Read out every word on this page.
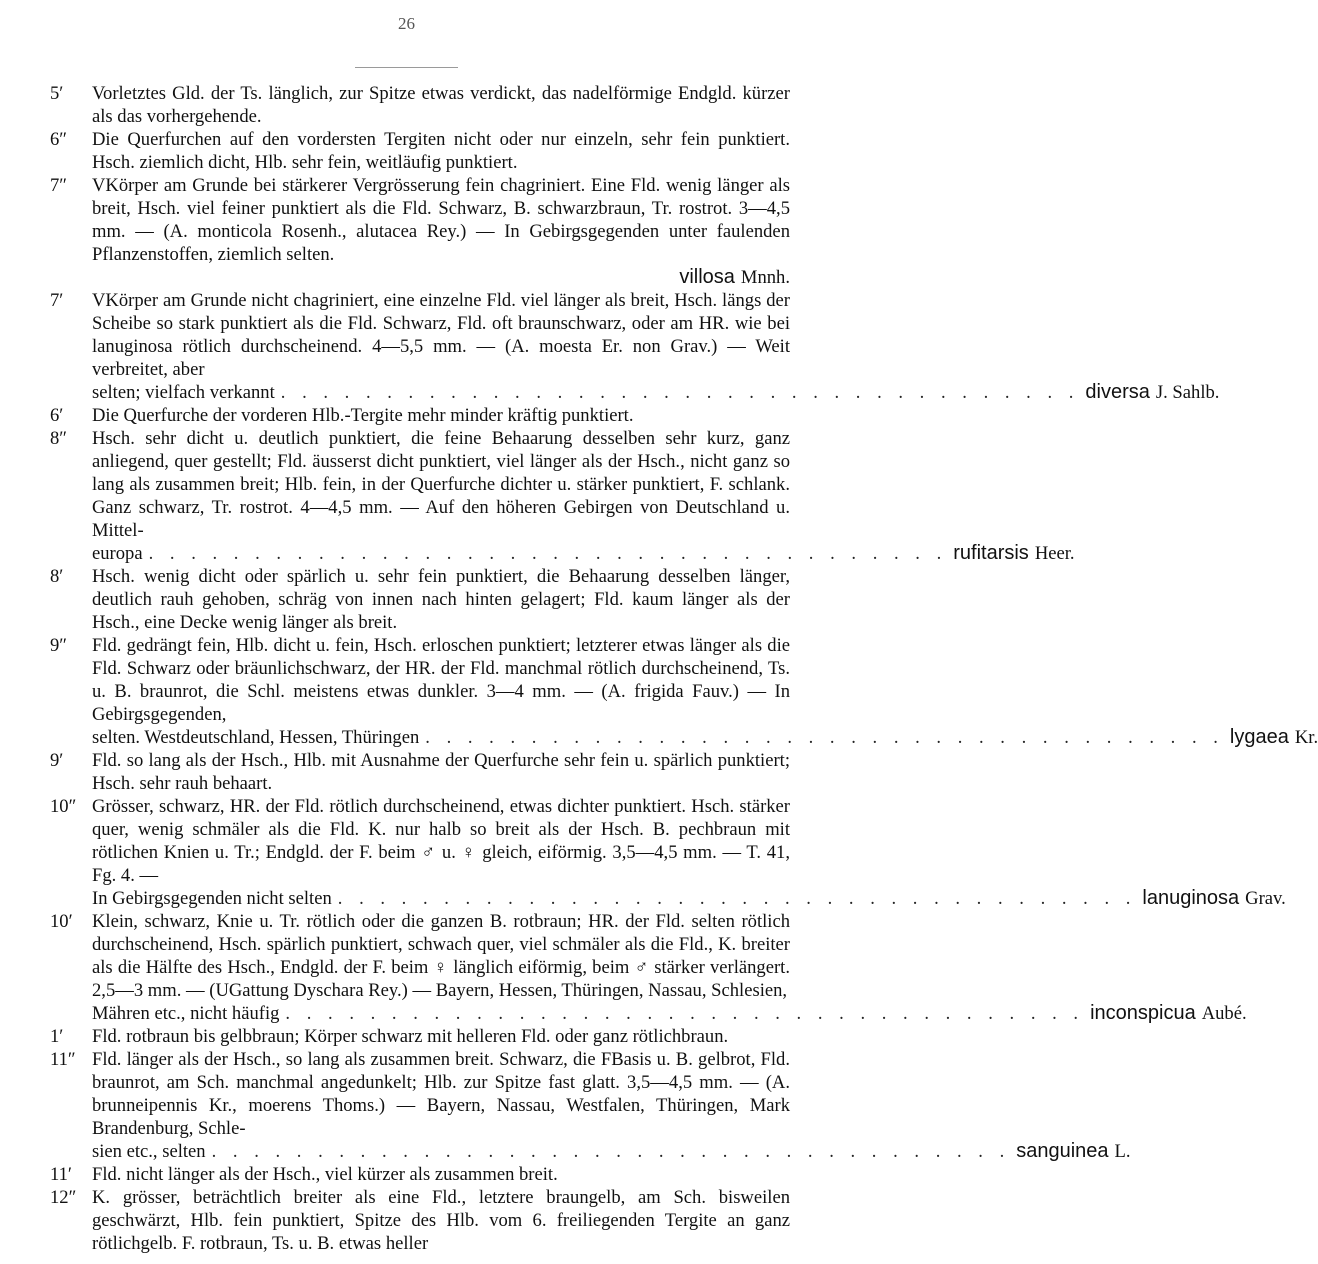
26
5′	Vorletztes Gld. der Ts. länglich, zur Spitze etwas verdickt, das nadelförmige Endgld. kürzer als das vorhergehende.
6″	Die Querfurchen auf den vordersten Tergiten nicht oder nur einzeln, sehr fein punktiert. Hsch. ziemlich dicht, Hlb. sehr fein, weitläufig punktiert.
7″	VKörper am Grunde bei stärkerer Vergrösserung fein chagriniert. Eine Fld. wenig länger als breit, Hsch. viel feiner punktiert als die Fld. Schwarz, B. schwarzbraun, Tr. rostrot. 3—4,5 mm. — (A. monticola Rosenh., alutacea Rey.) — In Gebirgsgegenden unter faulenden Pflanzenstoffen, ziemlich selten.
villosa Mnnh.
7′	VKörper am Grunde nicht chagriniert, eine einzelne Fld. viel länger als breit, Hsch. längs der Scheibe so stark punktiert als die Fld. Schwarz, Fld. oft braunschwarz, oder am HR. wie bei lanuginosa rötlich durchscheinend. 4—5,5 mm. — (A. moesta Er. non Grav.) — Weit verbreitet, aber
selten; vielfach verkannt . . . . . . . . . . . . . . . . . . . . . . . . . . . . . . . . . . . . . . diversa J. Sahlb.
6′	Die Querfurche der vorderen Hlb.-Tergite mehr minder kräftig punktiert.
8″	Hsch. sehr dicht u. deutlich punktiert, die feine Behaarung desselben sehr kurz, ganz anliegend, quer gestellt; Fld. äusserst dicht punktiert, viel länger als der Hsch., nicht ganz so lang als zusammen breit; Hlb. fein, in der Querfurche dichter u. stärker punktiert, F. schlank. Ganz schwarz, Tr. rostrot. 4—4,5 mm. — Auf den höheren Gebirgen von Deutschland u. Mittel-
europa . . . . . . . . . . . . . . . . . . . . . . . . . . . . . . . . . . . . . . rufitarsis Heer.
8′	Hsch. wenig dicht oder spärlich u. sehr fein punktiert, die Behaarung desselben länger, deutlich rauh gehoben, schräg von innen nach hinten gelagert; Fld. kaum länger als der Hsch., eine Decke wenig länger als breit.
9″	Fld. gedrängt fein, Hlb. dicht u. fein, Hsch. erloschen punktiert; letzterer etwas länger als die Fld. Schwarz oder bräunlichschwarz, der HR. der Fld. manchmal rötlich durchscheinend, Ts. u. B. braunrot, die Schl. meistens etwas dunkler. 3—4 mm. — (A. frigida Fauv.) — In Gebirgsgegenden,
selten. Westdeutschland, Hessen, Thüringen . . . . . . . . . . . . . . . . . . . . . . . . . . . . . . . . . . . . . . lygaea Kr.
9′	Fld. so lang als der Hsch., Hlb. mit Ausnahme der Querfurche sehr fein u. spärlich punktiert; Hsch. sehr rauh behaart.
10″ Grösser, schwarz, HR. der Fld. rötlich durchscheinend, etwas dichter punktiert. Hsch. stärker quer, wenig schmäler als die Fld. K. nur halb so breit als der Hsch. B. pechbraun mit rötlichen Knien u. Tr.; Endgld. der F. beim ♂ u. ♀ gleich, eiförmig. 3,5—4,5 mm. — T. 41, Fg. 4. —
In Gebirgsgegenden nicht selten . . . . . . . . . . . . . . . . . . . . . . . . . . . . . . . . . . . . . . lanuginosa Grav.
10′	Klein, schwarz, Knie u. Tr. rötlich oder die ganzen B. rotbraun; HR. der Fld. selten rötlich durchscheinend, Hsch. spärlich punktiert, schwach quer, viel schmäler als die Fld., K. breiter als die Hälfte des Hsch., Endgld. der F. beim ♀ länglich eiförmig, beim ♂ stärker verlängert. 2,5—3 mm. — (UGattung Dyschara Rey.) — Bayern, Hessen, Thüringen, Nassau, Schlesien,
Mähren etc., nicht häufig . . . . . . . . . . . . . . . . . . . . . . . . . . . . . . . . . . . . . . inconspicua Aubé.
1′	Fld. rotbraun bis gelbbraun; Körper schwarz mit helleren Fld. oder ganz rötlichbraun.
11″ Fld. länger als der Hsch., so lang als zusammen breit. Schwarz, die FBasis u. B. gelbrot, Fld. braunrot, am Sch. manchmal angedunkelt; Hlb. zur Spitze fast glatt. 3,5—4,5 mm. — (A. brunneipennis Kr., moerens Thoms.) — Bayern, Nassau, Westfalen, Thüringen, Mark Brandenburg, Schle-
sien etc., selten . . . . . . . . . . . . . . . . . . . . . . . . . . . . . . . . . . . . . . sanguinea L.
11′	Fld. nicht länger als der Hsch., viel kürzer als zusammen breit.
12″ K. grösser, beträchtlich breiter als eine Fld., letztere braungelb, am Sch. bisweilen geschwärzt, Hlb. fein punktiert, Spitze des Hlb. vom 6. freiliegenden Tergite an ganz rötlichgelb. F. rotbraun, Ts. u. B. etwas heller
